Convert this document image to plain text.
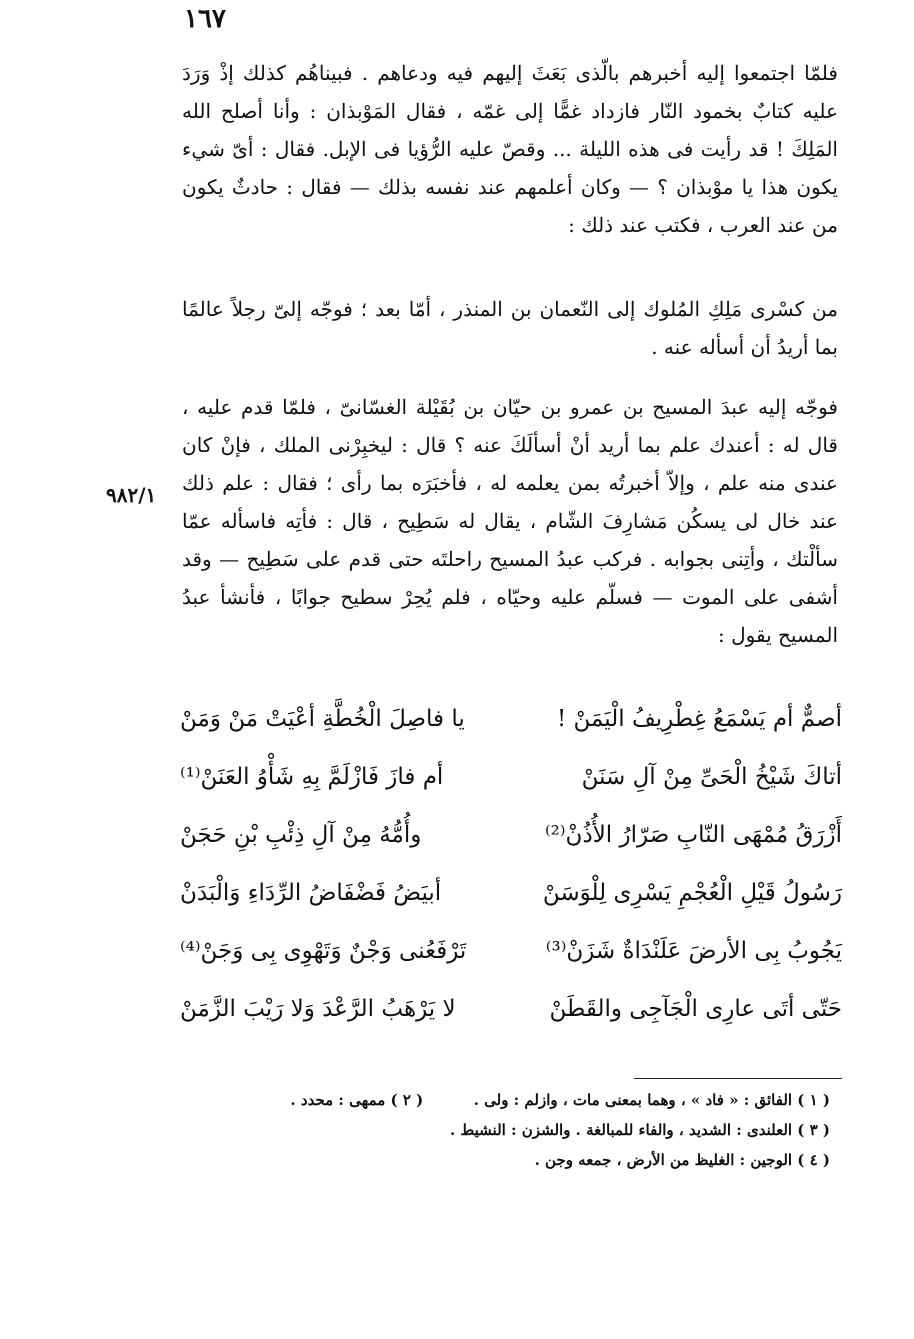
١٦٧
٩٨٢/١

فلمّا اجتمعوا إليه أخبرهم بالّذى بَعَثَ إليهم فيه ودعاهم . فبيناهُم كذلك إذْ وَرَدَ عليه كتابٌ بخمود النّار فازداد غمًّا إلى غمّه ، فقال المَوْبذان : وأنا أصلح الله المَلِكَ ! قد رأيت فى هذه الليلة ... وقصّ عليه الرُّؤيا فى الإبل. فقال : أىّ شيء يكون هذا يا موْبذان ؟ — وكان أعلمهم عند نفسه بذلك — فقال : حادثٌ يكون من عند العرب ، فكتب عند ذلك :

من كسْرى مَلِكِ المُلوك إلى النّعمان بن المنذر ، أمّا بعد ؛ فوجّه إلىّ رجلاً عالمًا بما أريدُ أن أسأله عنه .

فوجّه إليه عبدَ المسيح بن عمرو بن حيّان بن بُقَيْلة الغسّانىّ ، فلمّا قدم عليه ، قال له : أعندك علم بما أريد أنْ أسألَكَ عنه ؟ قال : ليخبِرْنى الملك ، فإنْ كان عندى منه علم ، وإلاّ أخبرتُه بمن يعلمه له ، فأخبَرَه بما رأى ؛ فقال : علم ذلك عند خال لى يسكُن مَشارِفَ الشّام ، يقال له سَطِيح ، قال : فأتِه فاسأله عمّا سألْتك ، وأتِنى بجوابه . فركب عبدُ المسيح راحلتَه حتى قدم على سَطِيح — وقد أشفى على الموت — فسلّم عليه وحيّاه ، فلم يُحِرْ سطيح جوابًا ، فأنشأ عبدُ المسيح يقول :

أصمٌّ أم يَسْمَعُ غِطْرِيفُ الْيَمَنْ !
يا فاصِلَ الْخُطَّةِ أعْيَتْ مَنْ وَمَنْ
أتاكَ شَيْخُ الْحَىِّ مِنْ آلِ سَنَنْ
أم فازَ فَازْلَمَّ بِهِ شَأْوُ العَنَنْ⁽¹⁾
أَزْرَقُ مُمْهَى النّابِ صَرّارُ الأُذُنْ⁽²⁾
وأُمُّهُ مِنْ آلِ ذِئْبِ بْنِ حَجَنْ
رَسُولُ قَيْلِ الْعُجْمِ يَسْرِى لِلْوَسَنْ
أبيَضُ فَضْفَاضُ الرِّدَاءِ وَالْبَدَنْ
يَجُوبُ بِى الأرضَ عَلَنْدَاةٌ شَزَنْ⁽³⁾
تَرْفَعُنى وَجْنٌ وَتَهْوِى بِى وَجَنْ⁽⁴⁾
حَتّى أتَى عارِى الْجَآجِى والقَطَنْ
لا يَرْهَبُ الرَّعْدَ وَلا رَيْبَ الزَّمَنْ
( ١ ) الفائق : « فاد » ، وهما بمعنى مات ، وازلم : ولى .  ( ٢ ) ممهى : محدد .
( ٣ ) العلندى : الشديد ، والفاء للمبالغة . والشزن : النشيط .
( ٤ ) الوجين : الغليظ من الأرض ، جمعه وجن .
